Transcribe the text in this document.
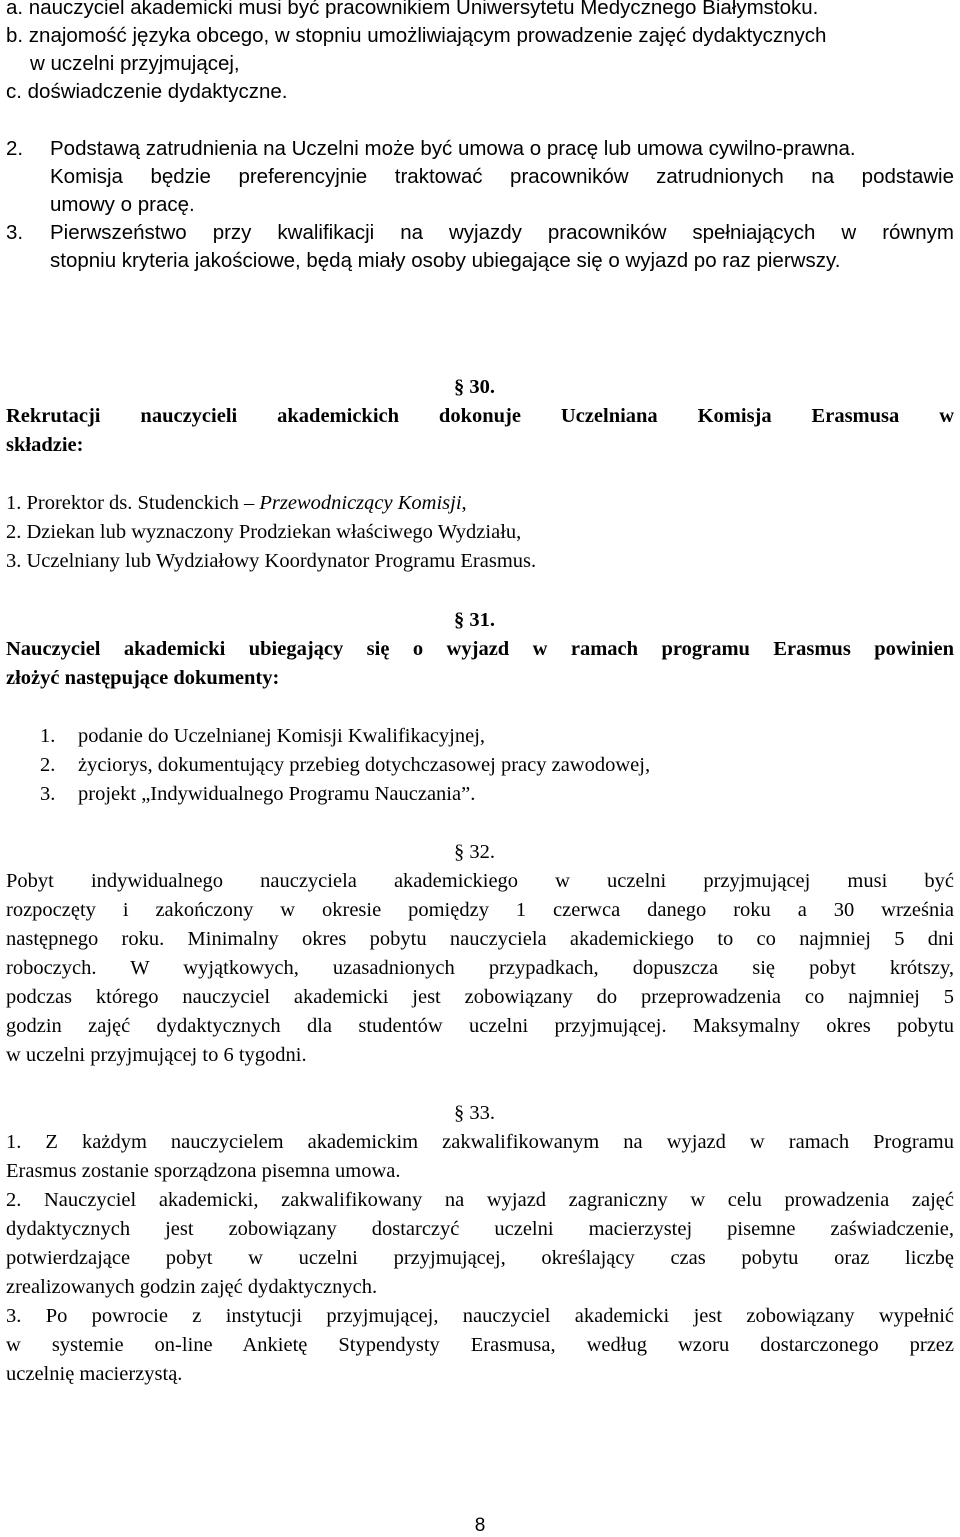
a. nauczyciel akademicki musi być pracownikiem Uniwersytetu Medycznego Białymstoku.
b. znajomość języka obcego, w stopniu umożliwiającym prowadzenie zajęć dydaktycznych
w uczelni przyjmującej,
c. doświadczenie dydaktyczne.
2. Podstawą zatrudnienia na Uczelni może być umowa o pracę lub umowa cywilno-prawna.
Komisja będzie preferencyjnie traktować pracowników zatrudnionych na podstawie
umowy o pracę.
3. Pierwszeństwo przy kwalifikacji na wyjazdy pracowników spełniających w równym
stopniu kryteria jakościowe, będą miały osoby ubiegające się o wyjazd po raz pierwszy.
§ 30.
Rekrutacji nauczycieli akademickich dokonuje Uczelniana Komisja Erasmusa w
składzie:
1. Prorektor ds. Studenckich – Przewodniczący Komisji,
2. Dziekan lub wyznaczony Prodziekan właściwego Wydziału,
3. Uczelniany lub Wydziałowy Koordynator Programu Erasmus.
§ 31.
Nauczyciel akademicki ubiegający się o wyjazd w ramach programu Erasmus powinien
złożyć następujące dokumenty:
1. podanie do Uczelnianej Komisji Kwalifikacyjnej,
2. życiorys, dokumentujący przebieg dotychczasowej pracy zawodowej,
3. projekt „Indywidualnego Programu Nauczania”.
§ 32.
Pobyt indywidualnego nauczyciela akademickiego w uczelni przyjmującej musi być
rozpoczęty i zakończony w okresie pomiędzy 1 czerwca danego roku a 30 września
następnego roku. Minimalny okres pobytu nauczyciela akademickiego to co najmniej 5 dni
roboczych. W wyjątkowych, uzasadnionych przypadkach, dopuszcza się pobyt krótszy,
podczas którego nauczyciel akademicki jest zobowiązany do przeprowadzenia co najmniej 5
godzin zajęć dydaktycznych dla studentów uczelni przyjmującej. Maksymalny okres pobytu
w uczelni przyjmującej to 6 tygodni.
§ 33.
1. Z każdym nauczycielem akademickim zakwalifikowanym na wyjazd w ramach Programu
Erasmus zostanie sporządzona pisemna umowa.
2. Nauczyciel akademicki, zakwalifikowany na wyjazd zagraniczny w celu prowadzenia zajęć
dydaktycznych jest zobowiązany dostarczyć uczelni macierzystej pisemne zaświadczenie,
potwierdzające pobyt w uczelni przyjmującej, określający czas pobytu oraz liczbę
zrealizowanych godzin zajęć dydaktycznych.
3. Po powrocie z instytucji przyjmującej, nauczyciel akademicki jest zobowiązany wypełnić
w systemie on-line Ankietę Stypendysty Erasmusa, według wzoru dostarczonego przez
uczelnię macierzystą.
8
